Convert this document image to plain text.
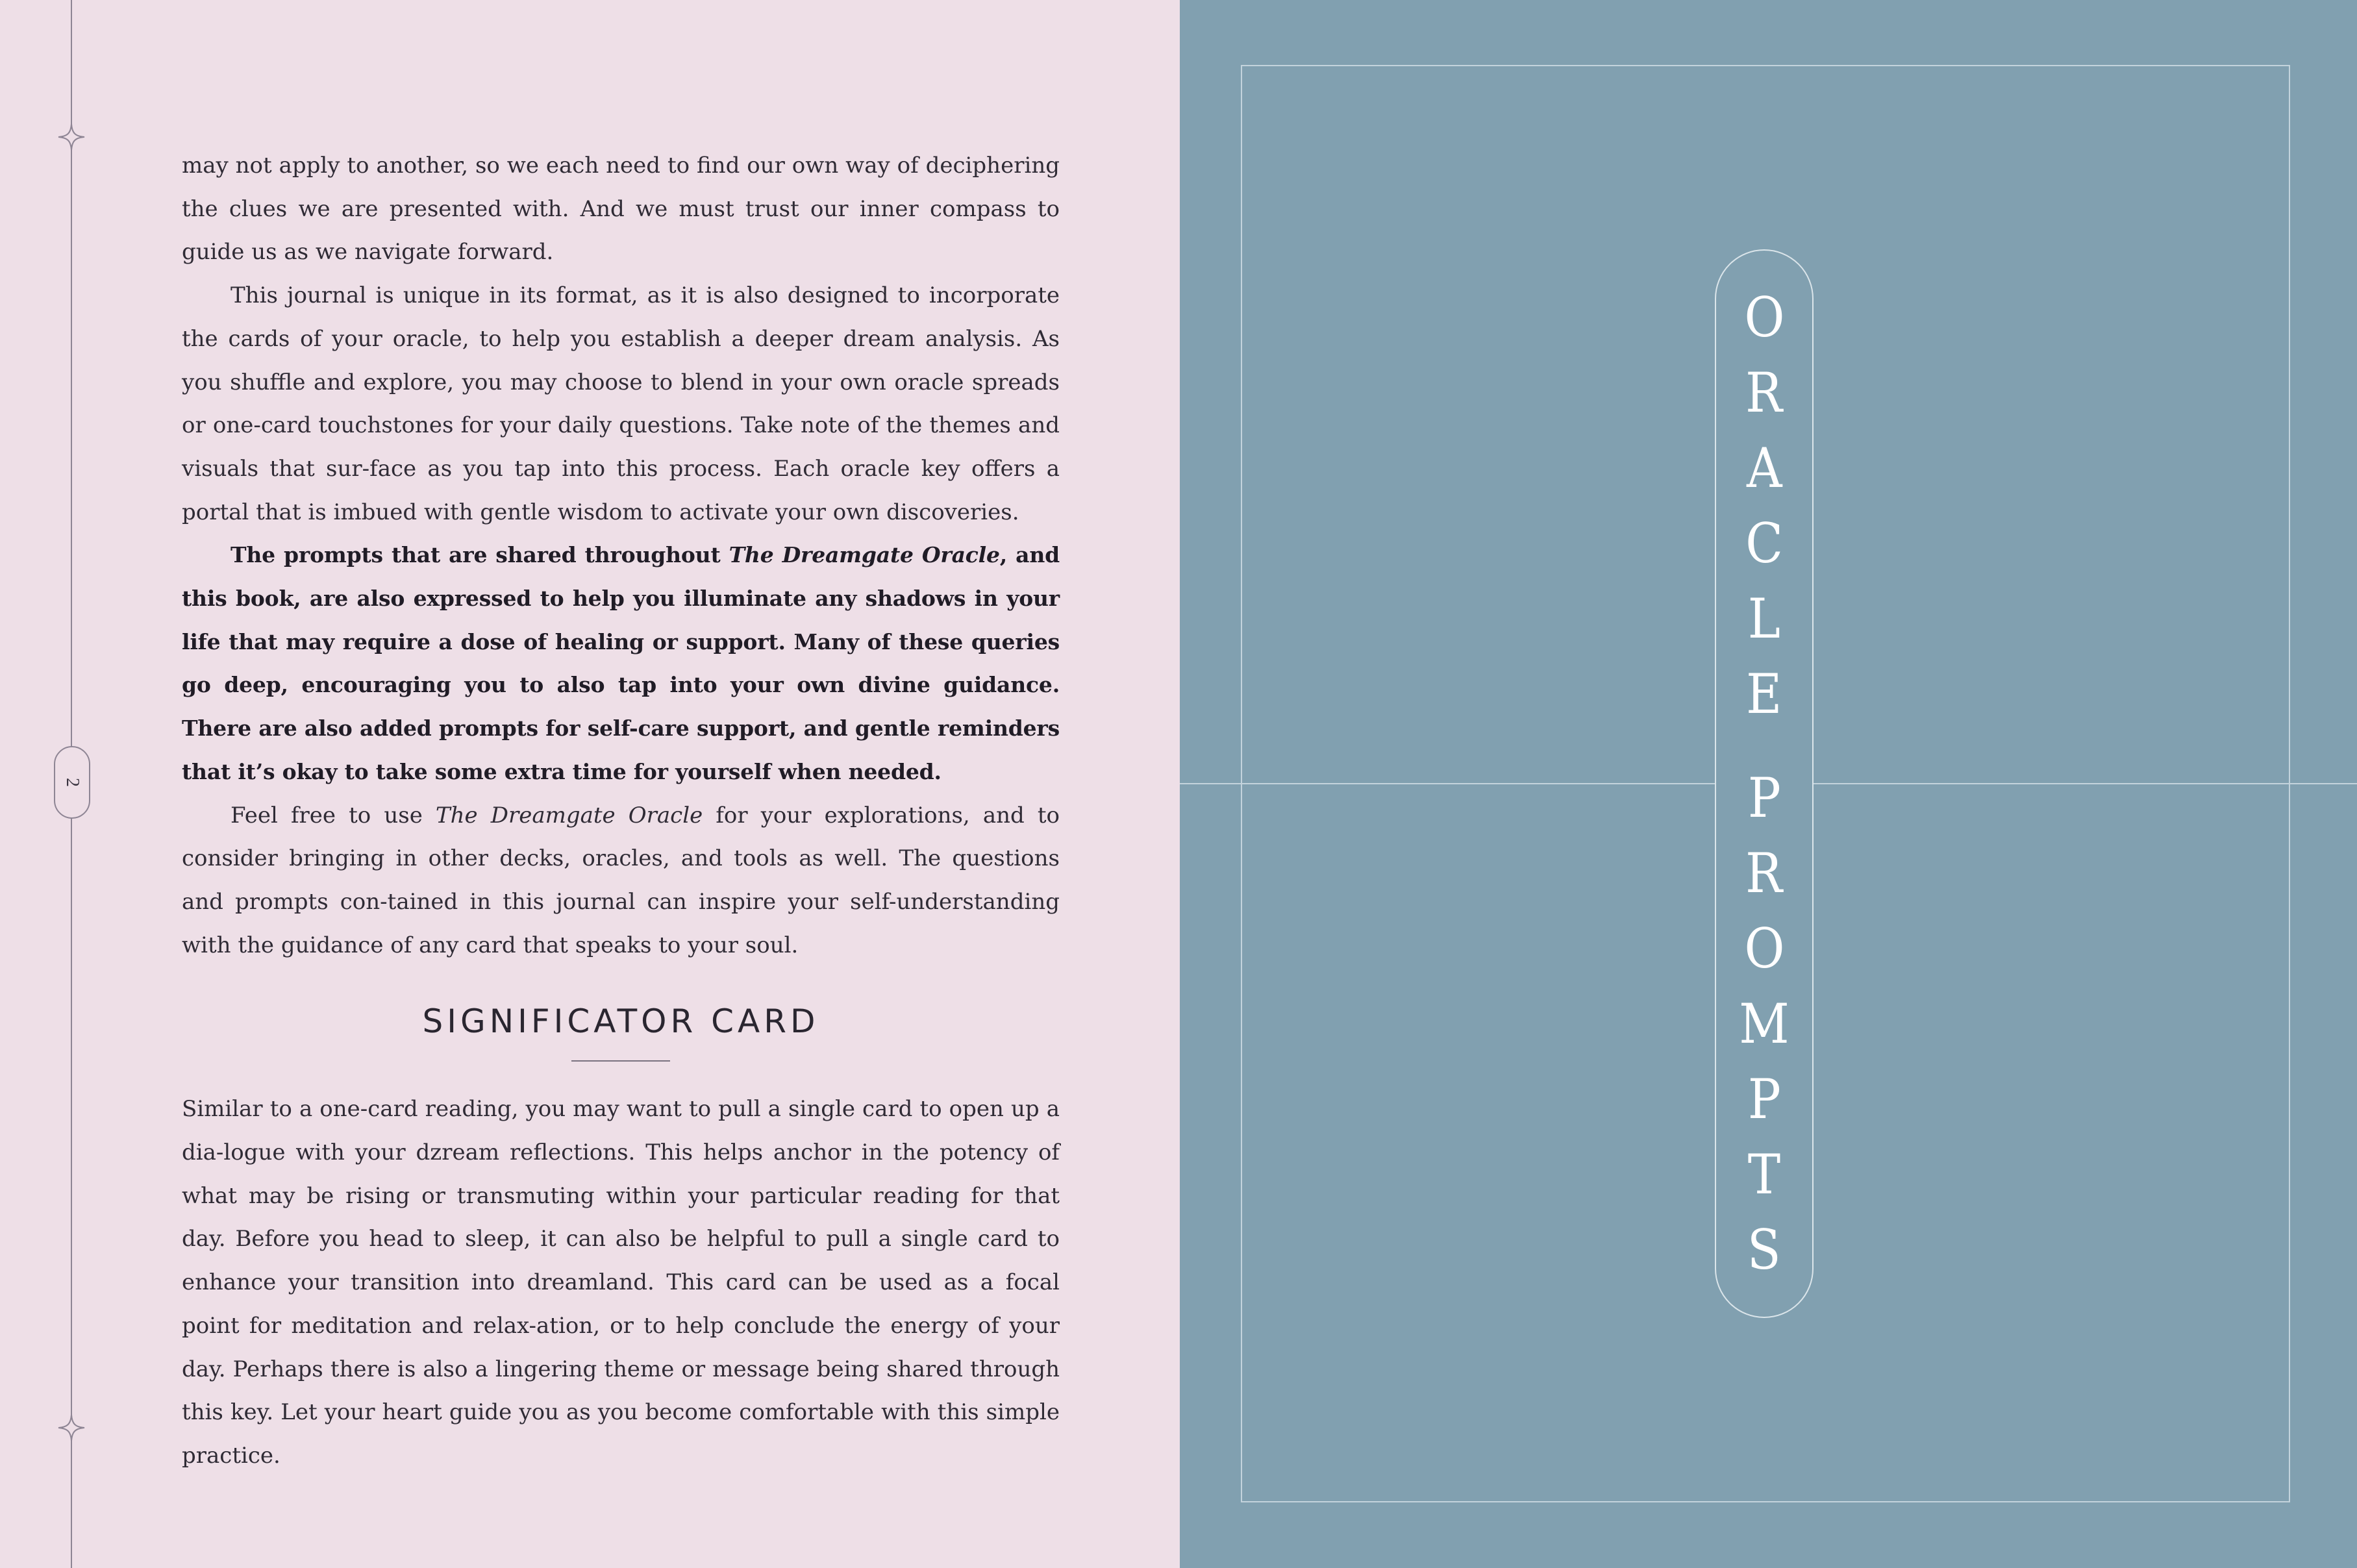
2

may not apply to another, so we each need to find our own way of deciphering the clues we are presented with. And we must trust our inner compass to guide us as we navigate forward.

This journal is unique in its format, as it is also designed to incorporate the cards of your oracle, to help you establish a deeper dream analysis. As you shuffle and explore, you may choose to blend in your own oracle spreads or one-card touchstones for your daily questions. Take note of the themes and visuals that sur-face as you tap into this process. Each oracle key offers a portal that is imbued with gentle wisdom to activate your own discoveries.

The prompts that are shared throughout The Dreamgate Oracle, and this book, are also expressed to help you illuminate any shadows in your life that may require a dose of healing or support. Many of these queries go deep, encouraging you to also tap into your own divine guidance. There are also added prompts for self-care support, and gentle reminders that it’s okay to take some extra time for yourself when needed.

Feel free to use The Dreamgate Oracle for your explorations, and to consider bringing in other decks, oracles, and tools as well. The questions and prompts con-tained in this journal can inspire your self-understanding with the guidance of any card that speaks to your soul.

SIGNIFICATOR CARD

Similar to a one-card reading, you may want to pull a single card to open up a dia-logue with your dzream reflections. This helps anchor in the potency of what may be rising or transmuting within your particular reading for that day. Before you head to sleep, it can also be helpful to pull a single card to enhance your transition into dreamland. This card can be used as a focal point for meditation and relax-ation, or to help conclude the energy of your day. Perhaps there is also a lingering theme or message being shared through this key. Let your heart guide you as you become comfortable with this simple practice.

O
R
A
C
L
E
P
R
O
M
P
T
S
